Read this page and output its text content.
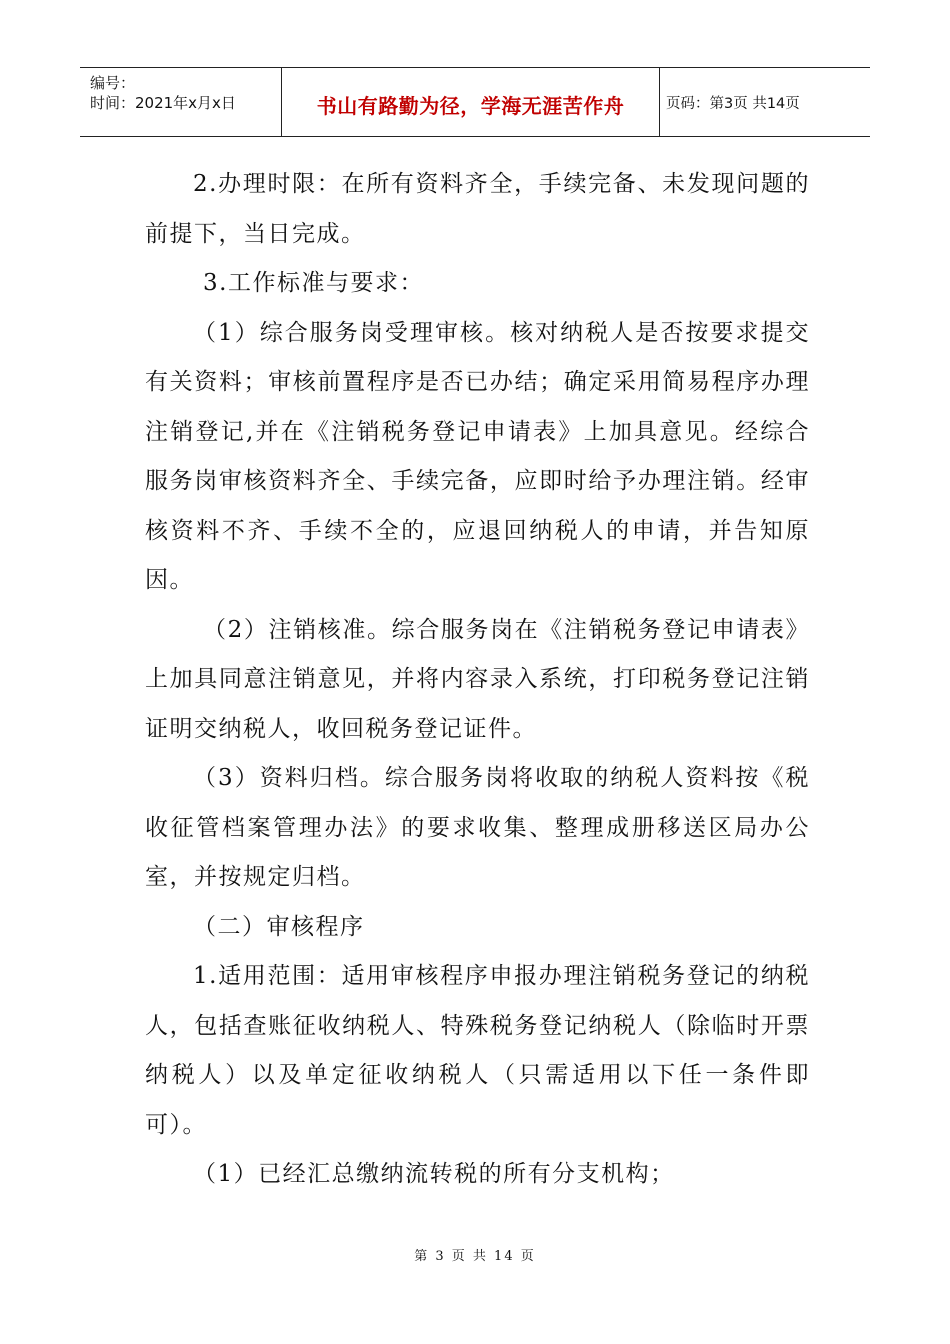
编号：
时间：2021年x月x日	书山有路勤为径，学海无涯苦作舟	页码：第3页 共14页

2.办理时限：在所有资料齐全，手续完备、未发现问题的前提下，当日完成。

3.工作标准与要求：

（1）综合服务岗受理审核。核对纳税人是否按要求提交有关资料；审核前置程序是否已办结；确定采用简易程序办理注销登记,并在《注销税务登记申请表》上加具意见。经综合服务岗审核资料齐全、手续完备，应即时给予办理注销。经审核资料不齐、手续不全的，应退回纳税人的申请，并告知原因。

（2）注销核准。综合服务岗在《注销税务登记申请表》上加具同意注销意见，并将内容录入系统，打印税务登记注销证明交纳税人，收回税务登记证件。

（3）资料归档。综合服务岗将收取的纳税人资料按《税收征管档案管理办法》的要求收集、整理成册移送区局办公室，并按规定归档。

（二）审核程序

1.适用范围：适用审核程序申报办理注销税务登记的纳税人，包括查账征收纳税人、特殊税务登记纳税人（除临时开票纳税人）以及单定征收纳税人（只需适用以下任一条件即可）。

（1）已经汇总缴纳流转税的所有分支机构；

第 3 页 共 14 页
